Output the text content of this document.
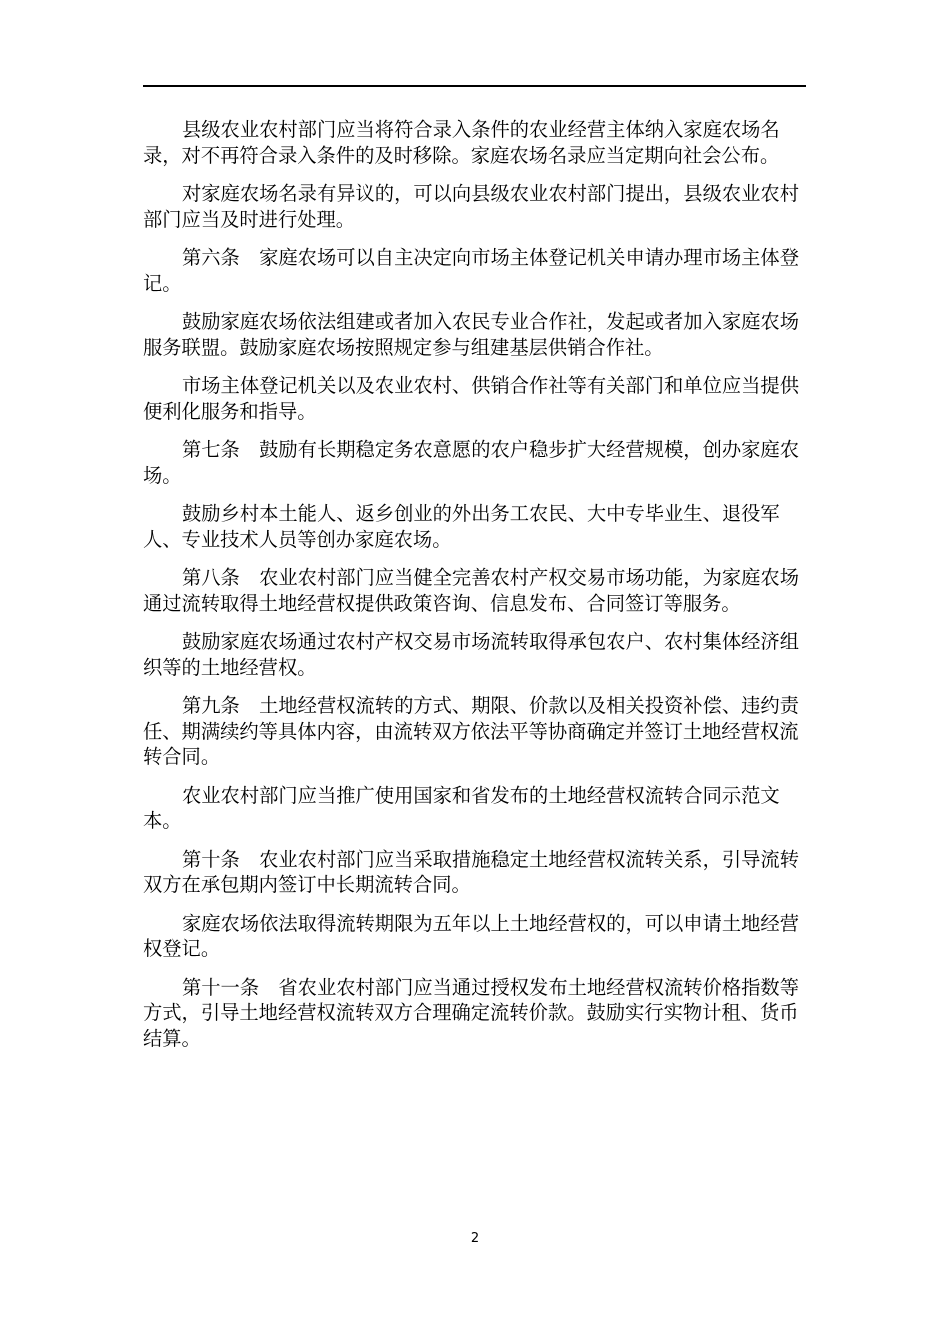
县级农业农村部门应当将符合录入条件的农业经营主体纳入家庭农场名录，对不再符合录入条件的及时移除。家庭农场名录应当定期向社会公布。

对家庭农场名录有异议的，可以向县级农业农村部门提出，县级农业农村部门应当及时进行处理。

第六条　家庭农场可以自主决定向市场主体登记机关申请办理市场主体登记。

鼓励家庭农场依法组建或者加入农民专业合作社，发起或者加入家庭农场服务联盟。鼓励家庭农场按照规定参与组建基层供销合作社。

市场主体登记机关以及农业农村、供销合作社等有关部门和单位应当提供便利化服务和指导。

第七条　鼓励有长期稳定务农意愿的农户稳步扩大经营规模，创办家庭农场。

鼓励乡村本土能人、返乡创业的外出务工农民、大中专毕业生、退役军人、专业技术人员等创办家庭农场。

第八条　农业农村部门应当健全完善农村产权交易市场功能，为家庭农场通过流转取得土地经营权提供政策咨询、信息发布、合同签订等服务。

鼓励家庭农场通过农村产权交易市场流转取得承包农户、农村集体经济组织等的土地经营权。

第九条　土地经营权流转的方式、期限、价款以及相关投资补偿、违约责任、期满续约等具体内容，由流转双方依法平等协商确定并签订土地经营权流转合同。

农业农村部门应当推广使用国家和省发布的土地经营权流转合同示范文本。

第十条　农业农村部门应当采取措施稳定土地经营权流转关系，引导流转双方在承包期内签订中长期流转合同。

家庭农场依法取得流转期限为五年以上土地经营权的，可以申请土地经营权登记。

第十一条　省农业农村部门应当通过授权发布土地经营权流转价格指数等方式，引导土地经营权流转双方合理确定流转价款。鼓励实行实物计租、货币结算。

2
